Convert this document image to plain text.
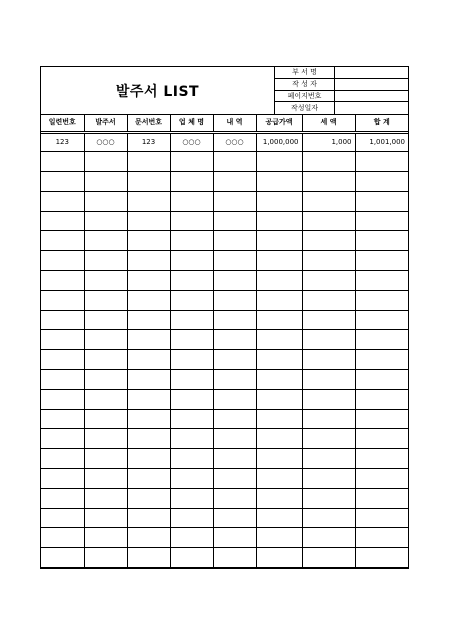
발주서 LIST
부 서 명
작 성 자
페이지번호
작성일자
일련번호	발주서	문서번호	업 체 명	내 역	공급가액	세 액	합 계
123	○○○	123	○○○	○○○	1,000,000	1,000	1,001,000
